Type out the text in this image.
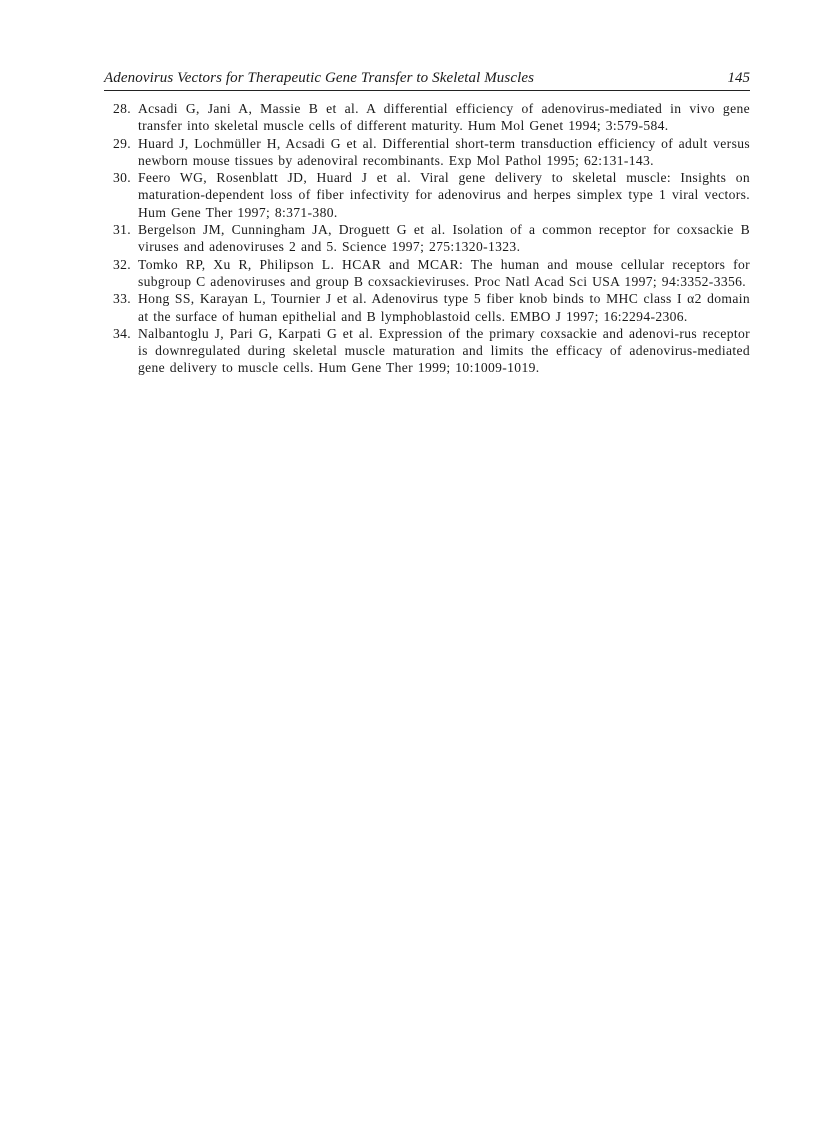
Adenovirus Vectors for Therapeutic Gene Transfer to Skeletal Muscles	145
28. Acsadi G, Jani A, Massie B et al. A differential efficiency of adenovirus-mediated in vivo gene transfer into skeletal muscle cells of different maturity. Hum Mol Genet 1994; 3:579-584.
29. Huard J, Lochmüller H, Acsadi G et al. Differential short-term transduction efficiency of adult versus newborn mouse tissues by adenoviral recombinants. Exp Mol Pathol 1995; 62:131-143.
30. Feero WG, Rosenblatt JD, Huard J et al. Viral gene delivery to skeletal muscle: Insights on maturation-dependent loss of fiber infectivity for adenovirus and herpes simplex type 1 viral vectors. Hum Gene Ther 1997; 8:371-380.
31. Bergelson JM, Cunningham JA, Droguett G et al. Isolation of a common receptor for coxsackie B viruses and adenoviruses 2 and 5. Science 1997; 275:1320-1323.
32. Tomko RP, Xu R, Philipson L. HCAR and MCAR: The human and mouse cellular receptors for subgroup C adenoviruses and group B coxsackieviruses. Proc Natl Acad Sci USA 1997; 94:3352-3356.
33. Hong SS, Karayan L, Tournier J et al. Adenovirus type 5 fiber knob binds to MHC class I α2 domain at the surface of human epithelial and B lymphoblastoid cells. EMBO J 1997; 16:2294-2306.
34. Nalbantoglu J, Pari G, Karpati G et al. Expression of the primary coxsackie and adenovi-rus receptor is downregulated during skeletal muscle maturation and limits the efficacy of adenovirus-mediated gene delivery to muscle cells. Hum Gene Ther 1999; 10:1009-1019.
